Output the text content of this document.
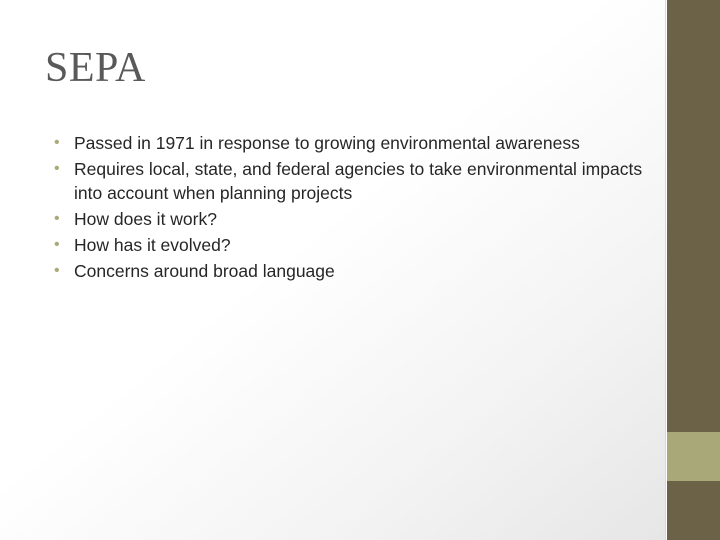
SEPA
• Passed in 1971 in response to growing environmental awareness
• Requires local, state, and federal agencies to take environmental impacts into account when planning projects
• How does it work?
• How has it evolved?
• Concerns around broad language
